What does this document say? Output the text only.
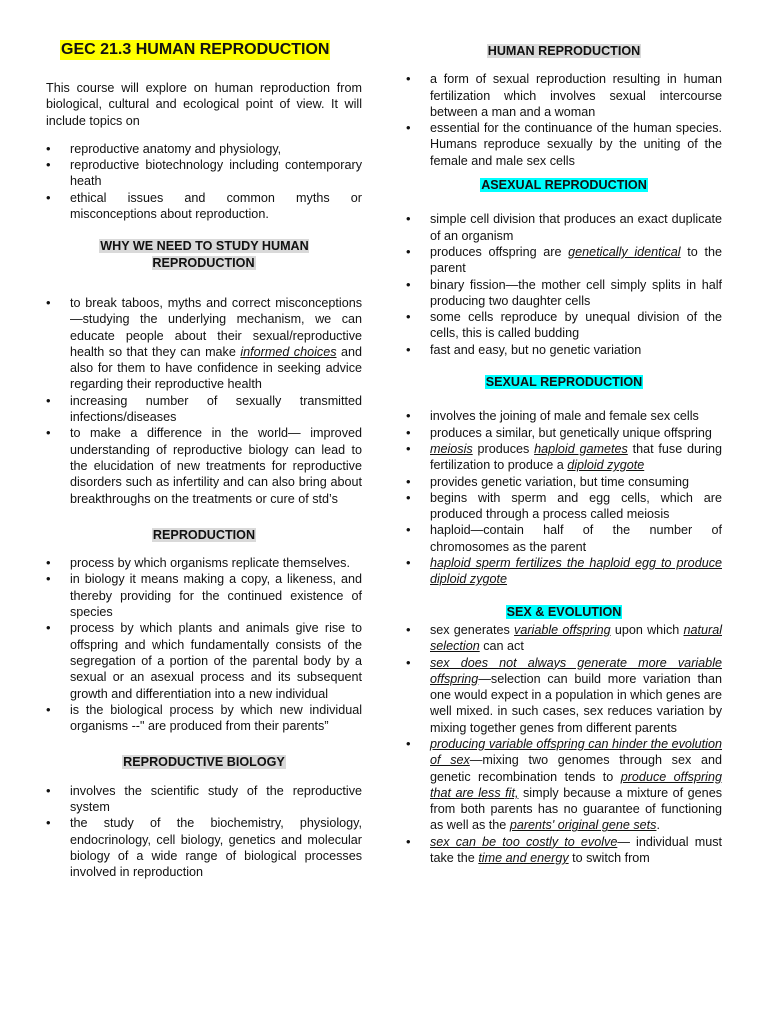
GEC 21.3 HUMAN REPRODUCTION

This course will explore on human reproduction from biological, cultural and ecological point of view. It will include topics on

• reproductive anatomy and physiology,
• reproductive biotechnology including contemporary heath
• ethical issues and common myths or misconceptions about reproduction.
WHY WE NEED TO STUDY HUMAN REPRODUCTION
• to break taboos, myths and correct misconceptions—studying the underlying mechanism, we can educate people about their sexual/reproductive health so that they can make informed choices and also for them to have confidence in seeking advice regarding their reproductive health
• increasing number of sexually transmitted infections/diseases
• to make a difference in the world— improved understanding of reproductive biology can lead to the elucidation of new treatments for reproductive disorders such as infertility and can also bring about breakthroughs on the treatments or cure of std’s
REPRODUCTION
• process by which organisms replicate themselves.
• in biology it means making a copy, a likeness, and thereby providing for the continued existence of species
• process by which plants and animals give rise to offspring and which fundamentally consists of the segregation of a portion of the parental body by a sexual or an asexual process and its subsequent growth and differentiation into a new individual
• is the biological process by which new individual organisms --" are produced from their parents”
REPRODUCTIVE BIOLOGY
• involves the scientific study of the reproductive system
• the study of the biochemistry, physiology, endocrinology, cell biology, genetics and molecular biology of a wide range of biological processes involved in reproduction
HUMAN REPRODUCTION
• a form of sexual reproduction resulting in human fertilization which involves sexual intercourse between a man and a woman
• essential for the continuance of the human species. Humans reproduce sexually by the uniting of the female and male sex cells
ASEXUAL REPRODUCTION
• simple cell division that produces an exact duplicate of an organism
• produces offspring are genetically identical to the parent
• binary fission—the mother cell simply splits in half producing two daughter cells
• some cells reproduce by unequal division of the cells, this is called budding
• fast and easy, but no genetic variation
SEXUAL REPRODUCTION
• involves the joining of male and female sex cells
• produces a similar, but genetically unique offspring
• meiosis produces haploid gametes that fuse during fertilization to produce a diploid zygote
• provides genetic variation, but time consuming
• begins with sperm and egg cells, which are produced through a process called meiosis
• haploid—contain half of the number of chromosomes as the parent
• haploid sperm fertilizes the haploid egg to produce diploid zygote
SEX & EVOLUTION
• sex generates variable offspring upon which natural selection can act
• sex does not always generate more variable offspring—selection can build more variation than one would expect in a population in which genes are well mixed. in such cases, sex reduces variation by mixing together genes from different parents
• producing variable offspring can hinder the evolution of sex—mixing two genomes through sex and genetic recombination tends to produce offspring that are less fit, simply because a mixture of genes from both parents has no guarantee of functioning as well as the parents' original gene sets.
• sex can be too costly to evolve— individual must take the time and energy to switch from
